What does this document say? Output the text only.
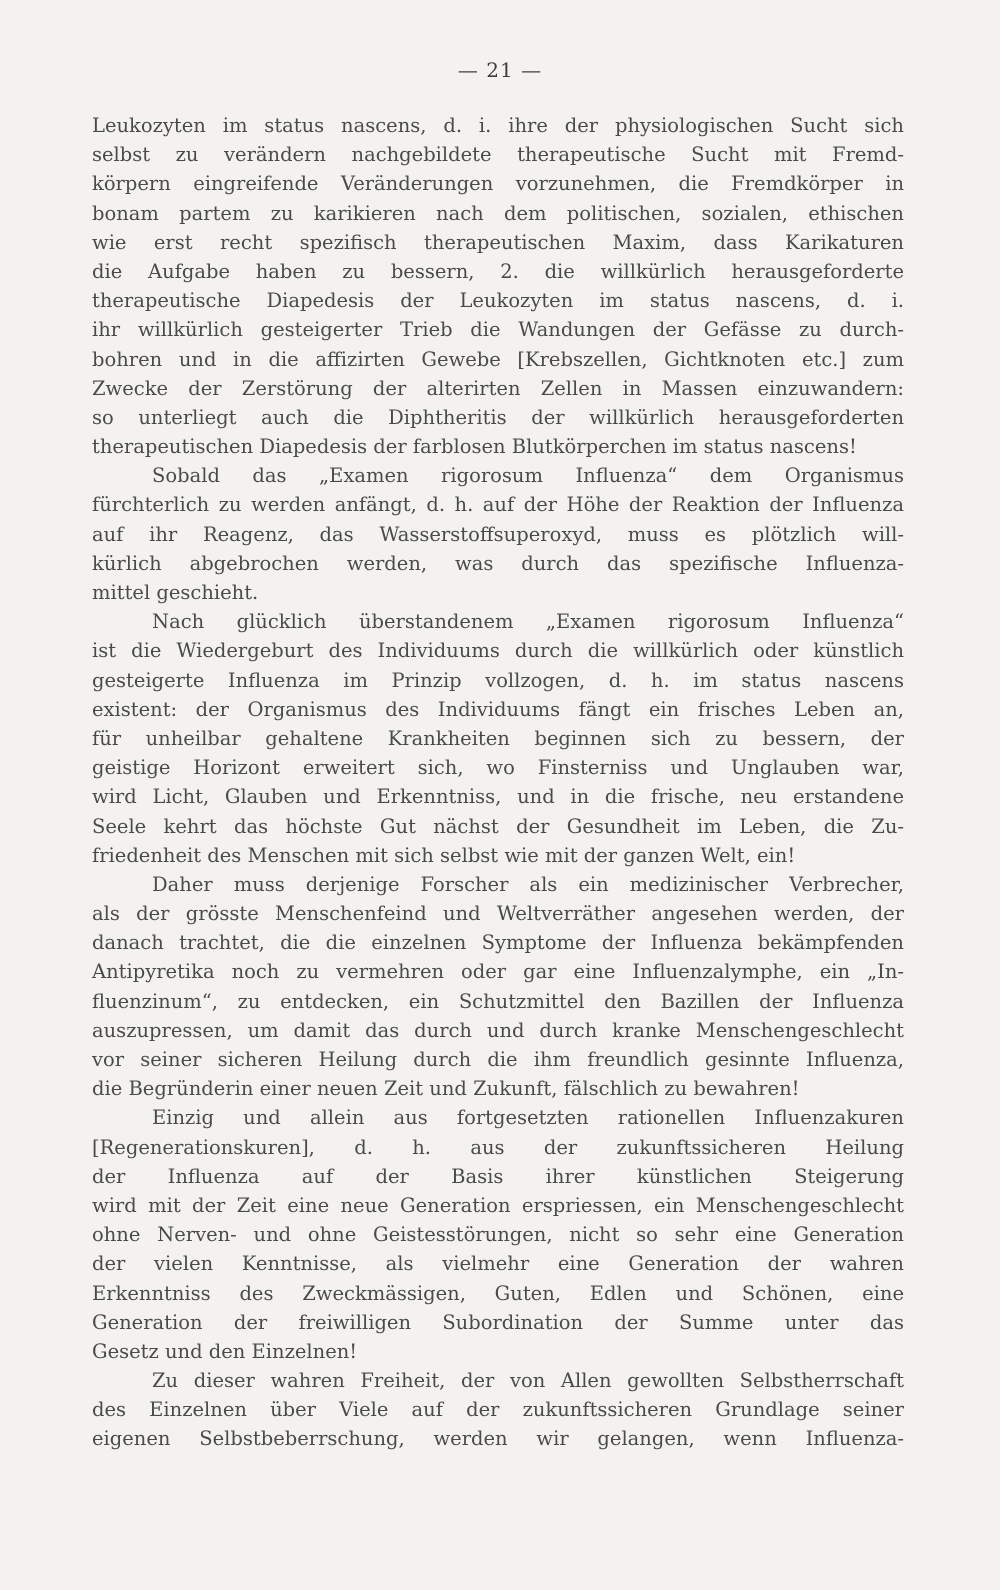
— 21 —
Leukozyten im status nascens, d. i. ihre der physiologischen Sucht sich
selbst zu verändern nachgebildete therapeutische Sucht mit Fremd-
körpern eingreifende Veränderungen vorzunehmen, die Fremdkörper in
bonam partem zu karikieren nach dem politischen, sozialen, ethischen
wie erst recht spezifisch therapeutischen Maxim, dass Karikaturen
die Aufgabe haben zu bessern, 2. die willkürlich herausgeforderte
therapeutische Diapedesis der Leukozyten im status nascens, d. i.
ihr willkürlich gesteigerter Trieb die Wandungen der Gefässe zu durch-
bohren und in die affizirten Gewebe [Krebszellen, Gichtknoten etc.] zum
Zwecke der Zerstörung der alterirten Zellen in Massen einzuwandern:
so unterliegt auch die Diphtheritis der willkürlich herausgeforderten
therapeutischen Diapedesis der farblosen Blutkörperchen im status nascens!
Sobald das „Examen rigorosum Influenza“ dem Organismus
fürchterlich zu werden anfängt, d. h. auf der Höhe der Reaktion der Influenza
auf ihr Reagenz, das Wasserstoffsuperoxyd, muss es plötzlich will-
kürlich abgebrochen werden, was durch das spezifische Influenza-
mittel geschieht.
Nach glücklich überstandenem „Examen rigorosum Influenza“
ist die Wiedergeburt des Individuums durch die willkürlich oder künstlich
gesteigerte Influenza im Prinzip vollzogen, d. h. im status nascens
existent: der Organismus des Individuums fängt ein frisches Leben an,
für unheilbar gehaltene Krankheiten beginnen sich zu bessern, der
geistige Horizont erweitert sich, wo Finsterniss und Unglauben war,
wird Licht, Glauben und Erkenntniss, und in die frische, neu erstandene
Seele kehrt das höchste Gut nächst der Gesundheit im Leben, die Zu-
friedenheit des Menschen mit sich selbst wie mit der ganzen Welt, ein!
Daher muss derjenige Forscher als ein medizinischer Verbrecher,
als der grösste Menschenfeind und Weltverräther angesehen werden, der
danach trachtet, die die einzelnen Symptome der Influenza bekämpfenden
Antipyretika noch zu vermehren oder gar eine Influenzalymphe, ein „In-
fluenzinum“, zu entdecken, ein Schutzmittel den Bazillen der Influenza
auszupressen, um damit das durch und durch kranke Menschengeschlecht
vor seiner sicheren Heilung durch die ihm freundlich gesinnte Influenza,
die Begründerin einer neuen Zeit und Zukunft, fälschlich zu bewahren!
Einzig und allein aus fortgesetzten rationellen Influenzakuren
[Regenerationskuren], d. h. aus der zukunftssicheren Heilung
der Influenza auf der Basis ihrer künstlichen Steigerung
wird mit der Zeit eine neue Generation erspriessen, ein Menschengeschlecht
ohne Nerven- und ohne Geistesstörungen, nicht so sehr eine Generation
der vielen Kenntnisse, als vielmehr eine Generation der wahren
Erkenntniss des Zweckmässigen, Guten, Edlen und Schönen, eine
Generation der freiwilligen Subordination der Summe unter das
Gesetz und den Einzelnen!
Zu dieser wahren Freiheit, der von Allen gewollten Selbstherrschaft
des Einzelnen über Viele auf der zukunftssicheren Grundlage seiner
eigenen Selbstbeberrschung, werden wir gelangen, wenn Influenza-
